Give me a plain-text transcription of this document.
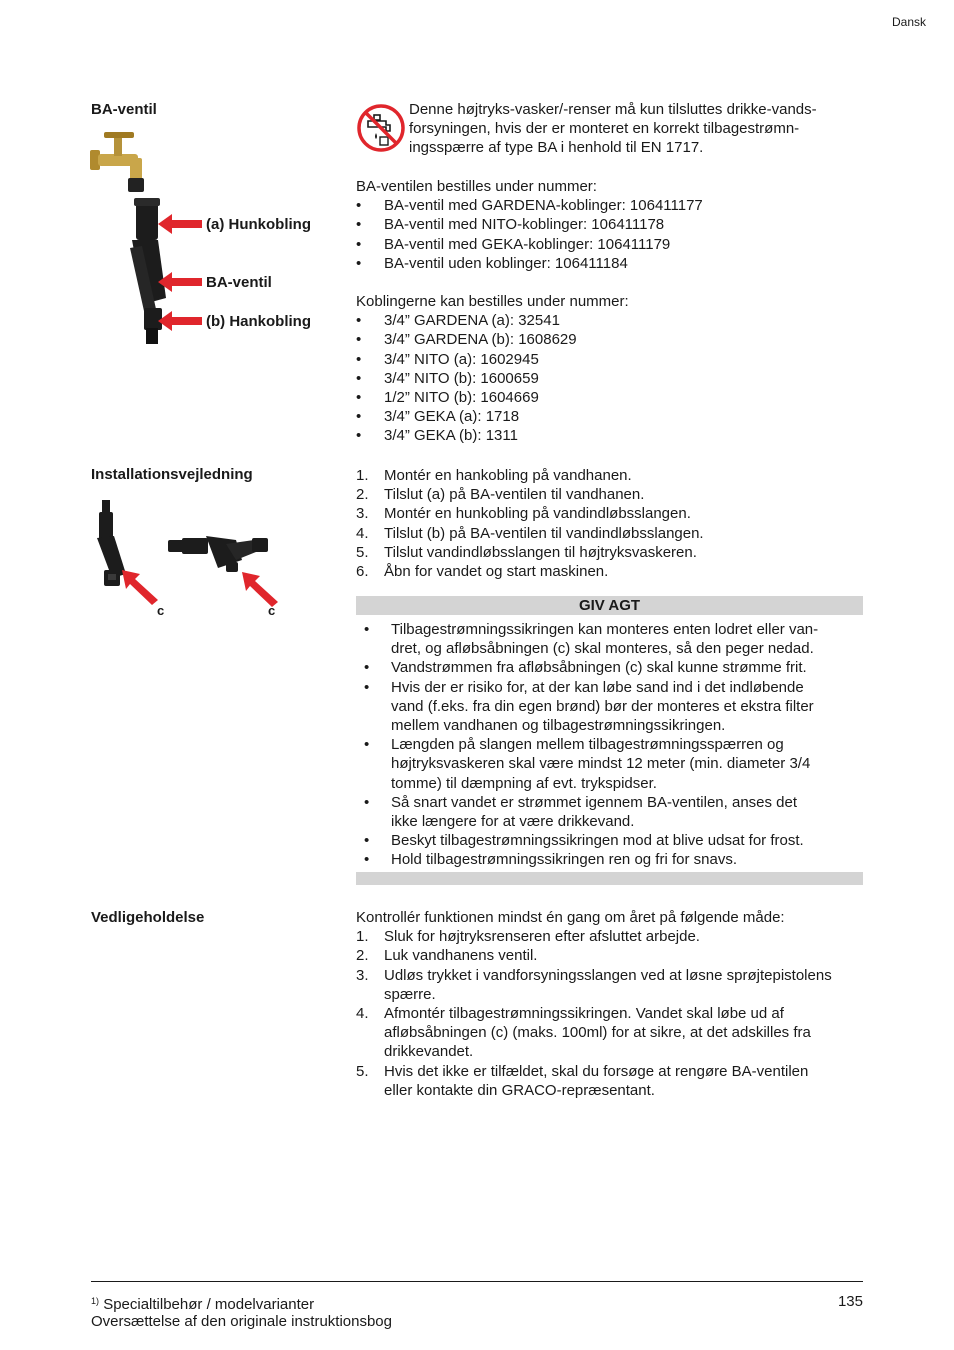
Dansk
BA-ventil
(a) Hunkobling
BA-ventil
(b) Hankobling
Denne højtryks-vasker/-renser må kun tilsluttes drikke-vands-
forsyningen, hvis der er monteret en korrekt tilbagestrømn-
ingsspærre af type BA i henhold til EN 1717.
BA-ventilen bestilles under nummer:
• BA-ventil med GARDENA-koblinger: 106411177
• BA-ventil med NITO-koblinger: 106411178
• BA-ventil med GEKA-koblinger: 106411179
• BA-ventil uden koblinger: 106411184
Koblingerne kan bestilles under nummer:
• 3/4” GARDENA (a): 32541
• 3/4” GARDENA (b): 1608629
• 3/4” NITO (a): 1602945
• 3/4” NITO (b): 1600659
• 1/2” NITO (b): 1604669
• 3/4” GEKA (a): 1718
• 3/4” GEKA (b): 1311
Installationsvejledning
c	c
1. Montér en hankobling på vandhanen.
2. Tilslut (a) på BA-ventilen til vandhanen.
3. Montér en hunkobling på vandindløbsslangen.
4. Tilslut (b) på BA-ventilen til vandindløbsslangen.
5. Tilslut vandindløbsslangen til højtryksvaskeren.
6. Åbn for vandet og start maskinen.
GIV AGT
• Tilbagestrømningssikringen kan monteres enten lodret eller van-
dret, og afløbsåbningen (c) skal monteres, så den peger nedad.
• Vandstrømmen fra afløbsåbningen (c) skal kunne strømme frit.
• Hvis der er risiko for, at der kan løbe sand ind i det indløbende
vand (f.eks. fra din egen brønd) bør der monteres et ekstra filter
mellem vandhanen og tilbagestrømningssikringen.
• Længden på slangen mellem tilbagestrømningsspærren og
højtryksvaskeren skal være mindst 12 meter (min. diameter 3/4
tomme) til dæmpning af evt. trykspidser.
• Så snart vandet er strømmet igennem BA-ventilen, anses det
ikke længere for at være drikkevand.
• Beskyt tilbagestrømningssikringen mod at blive udsat for frost.
• Hold tilbagestrømningssikringen ren og fri for snavs.
Vedligeholdelse	Kontrollér funktionen mindst én gang om året på følgende måde:
1. Sluk for højtryksrenseren efter afsluttet arbejde.
2. Luk vandhanens ventil.
3. Udløs trykket i vandforsyningsslangen ved at løsne sprøjtepistolens
spærre.
4. Afmontér tilbagestrømningssikringen. Vandet skal løbe ud af
afløbsåbningen (c) (maks. 100ml) for at sikre, at det adskilles fra
drikkevandet.
5. Hvis det ikke er tilfældet, skal du forsøge at rengøre BA-ventilen
eller kontakte din GRACO-repræsentant.
$^{1)}$ Specialtilbehør / modelvarianter
Oversættelse af den originale instruktionsbog
135
